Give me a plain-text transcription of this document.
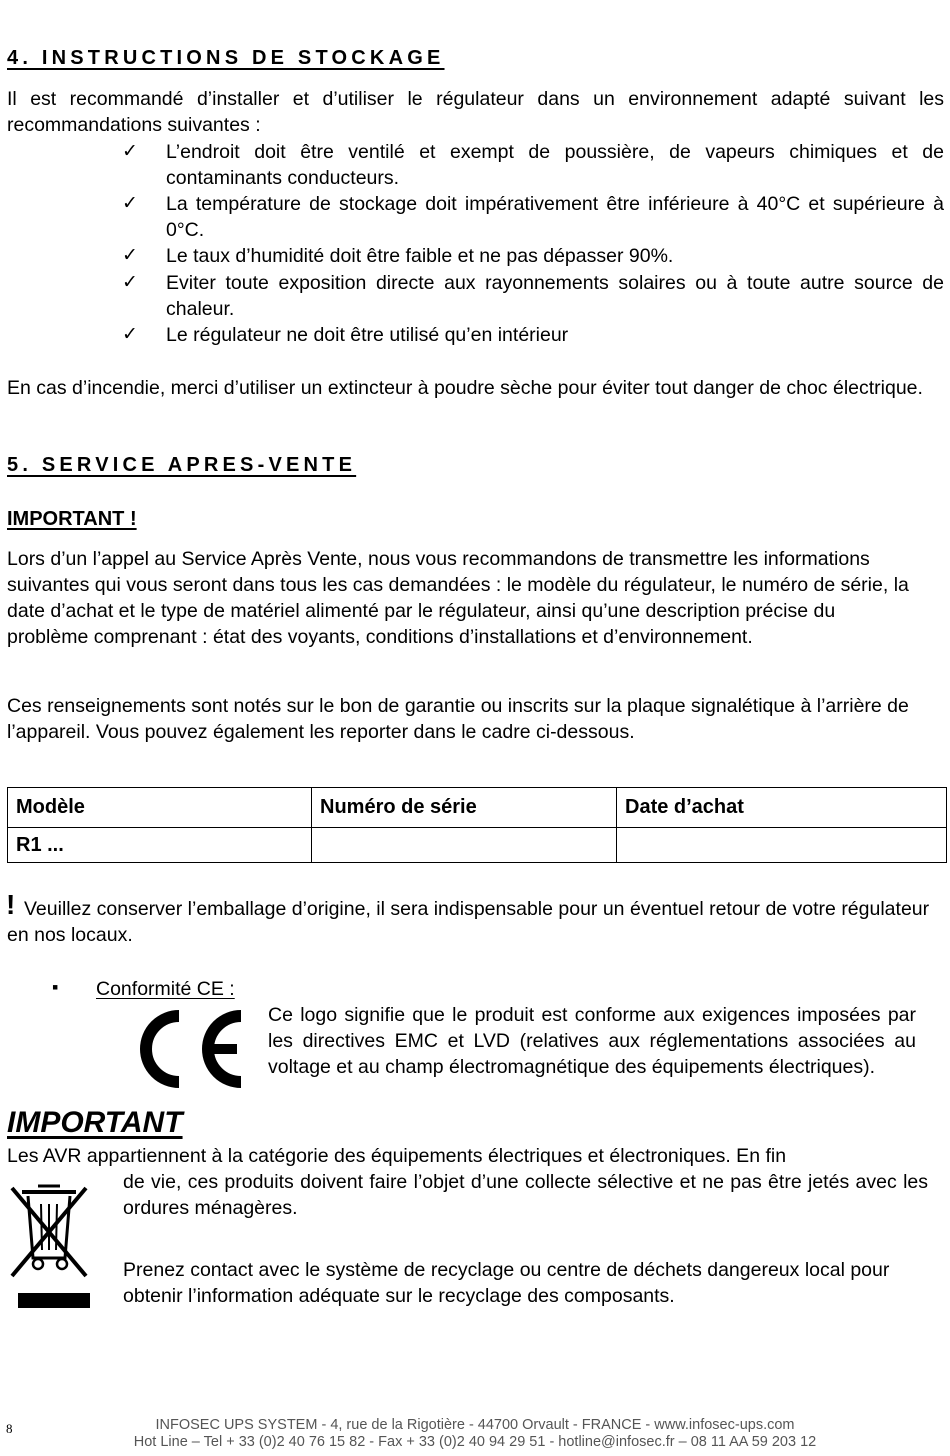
4. INSTRUCTIONS DE STOCKAGE
Il est recommandé d’installer et d’utiliser le régulateur dans un environnement adapté suivant les recommandations suivantes :
✓ L’endroit doit être ventilé et exempt de poussière, de vapeurs chimiques et de contaminants conducteurs.
✓ La température de stockage doit impérativement être inférieure à 40°C et supérieure à 0°C.
✓ Le taux d’humidité doit être faible et ne pas dépasser 90%.
✓ Eviter toute exposition directe aux rayonnements solaires ou à toute autre source de chaleur.
✓ Le régulateur ne doit être utilisé qu’en intérieur
En cas d’incendie, merci d’utiliser un extincteur à poudre sèche pour éviter tout danger de choc électrique.
5. SERVICE APRES-VENTE
IMPORTANT !
Lors d’un l’appel au Service Après Vente, nous vous recommandons de transmettre les informations suivantes qui vous seront dans tous les cas demandées : le modèle du régulateur, le numéro de série, la date d’achat et le type de matériel alimenté par le régulateur, ainsi qu’une description précise du problème comprenant : état des voyants, conditions d’installations et d’environnement.
Ces renseignements sont notés sur le bon de garantie ou inscrits sur la plaque signalétique à l’arrière de l’appareil. Vous pouvez également les reporter dans le cadre ci-dessous.
Modèle	Numéro de série	Date d’achat
R1 ...		
! Veuillez conserver l’emballage d’origine, il sera indispensable pour un éventuel retour de votre régulateur en nos locaux.
▪ Conformité CE :
Ce logo signifie que le produit est conforme aux exigences imposées par les directives EMC et LVD (relatives aux réglementations associées au voltage et au champ électromagnétique des équipements électriques).
IMPORTANT
Les AVR appartiennent à la catégorie des équipements électriques et électroniques. En fin
de vie, ces produits doivent faire l’objet d’une collecte sélective et ne pas être jetés avec les ordures ménagères.
Prenez contact avec le système de recyclage ou centre de déchets dangereux local pour obtenir l’information adéquate sur le recyclage des composants.
8	INFOSEC UPS SYSTEM - 4, rue de la Rigotière - 44700 Orvault - FRANCE - www.infosec-ups.com
Hot Line – Tel + 33 (0)2 40 76 15 82 - Fax + 33 (0)2 40 94 29 51 - hotline@infosec.fr – 08 11 AA 59 203 12
